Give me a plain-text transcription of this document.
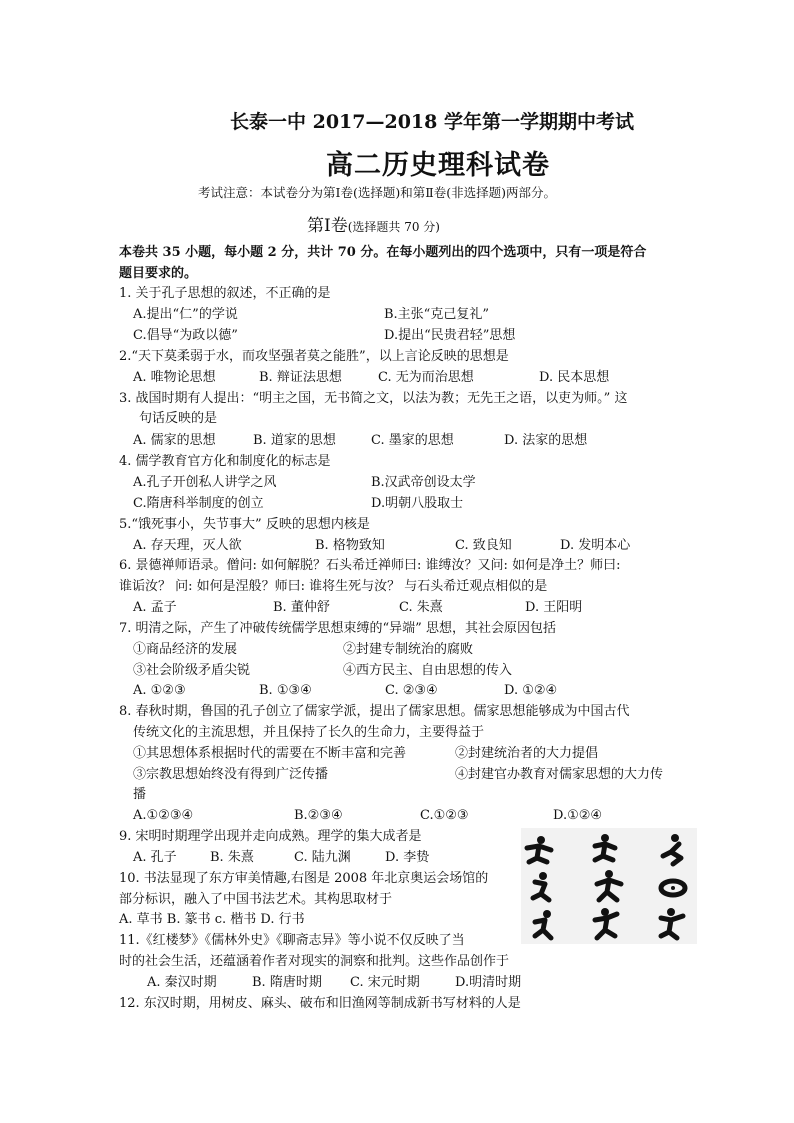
长泰一中 2017—2018 学年第一学期期中考试
高二历史理科试卷
考试注意：本试卷分为第Ⅰ卷(选择题)和第Ⅱ卷(非选择题)两部分。
第Ⅰ卷(选择题共 70 分)
本卷共 35 小题，每小题 2 分，共计 70 分。在每小题列出的四个选项中，只有一项是符合
题目要求的。
1. 关于孔子思想的叙述，不正确的是
A.提出“仁”的学说	B.主张“克己复礼”
C.倡导“为政以德”	D.提出“民贵君轻”思想
2.“天下莫柔弱于水，而攻坚强者莫之能胜”，以上言论反映的思想是
A. 唯物论思想	B. 辩证法思想	C. 无为而治思想	D. 民本思想
3. 战国时期有人提出：“明主之国，无书简之文，以法为教；无先王之语，以吏为师。” 这
句话反映的是
A. 儒家的思想	B. 道家的思想	C. 墨家的思想	D. 法家的思想
4. 儒学教育官方化和制度化的标志是
A.孔子开创私人讲学之风	B.汉武帝创设太学
C.隋唐科举制度的创立	D.明朝八股取士
5.“饿死事小，失节事大” 反映的思想内核是
A. 存天理，灭人欲	B. 格物致知	C. 致良知	D. 发明本心
6. 景德禅师语录。僧问: 如何解脱？石头希迁禅师曰: 谁缚汝？又问: 如何是净土？师曰:
谁诟汝？ 问: 如何是涅般？师曰: 谁将生死与汝？ 与石头希迁观点相似的是
A. 孟子	B. 董仲舒	C. 朱熹	D. 王阳明
7. 明清之际，产生了冲破传统儒学思想束缚的“异端” 思想，其社会原因包括
①商品经济的发展	②封建专制统治的腐败
③社会阶级矛盾尖锐	④西方民主、自由思想的传入
A. ①②③	B. ①③④	C. ②③④	D. ①②④
8. 春秋时期，鲁国的孔子创立了儒家学派，提出了儒家思想。儒家思想能够成为中国古代
传统文化的主流思想，并且保持了长久的生命力，主要得益于
①其思想体系根据时代的需要在不断丰富和完善	②封建统治者的大力提倡
③宗教思想始终没有得到广泛传播	④封建官办教育对儒家思想的大力传
播
A.①②③④	B.②③④	C.①②③	D.①②④
9. 宋明时期理学出现并走向成熟。理学的集大成者是
A. 孔子	B. 朱熹	C. 陆九渊	D. 李贽
10. 书法显现了东方审美情趣,右图是 2008 年北京奥运会场馆的
部分标识，融入了中国书法艺术。其构思取材于
A. 草书 B. 篆书 c. 楷书 D. 行书
11.《红楼梦》《儒林外史》《聊斋志异》等小说不仅反映了当
时的社会生活，还蕴涵着作者对现实的洞察和批判。这些作品创作于
A. 秦汉时期	B. 隋唐时期 C. 宋元时期	D.明清时期
12. 东汉时期，用树皮、麻头、破布和旧渔网等制成新书写材料的人是
